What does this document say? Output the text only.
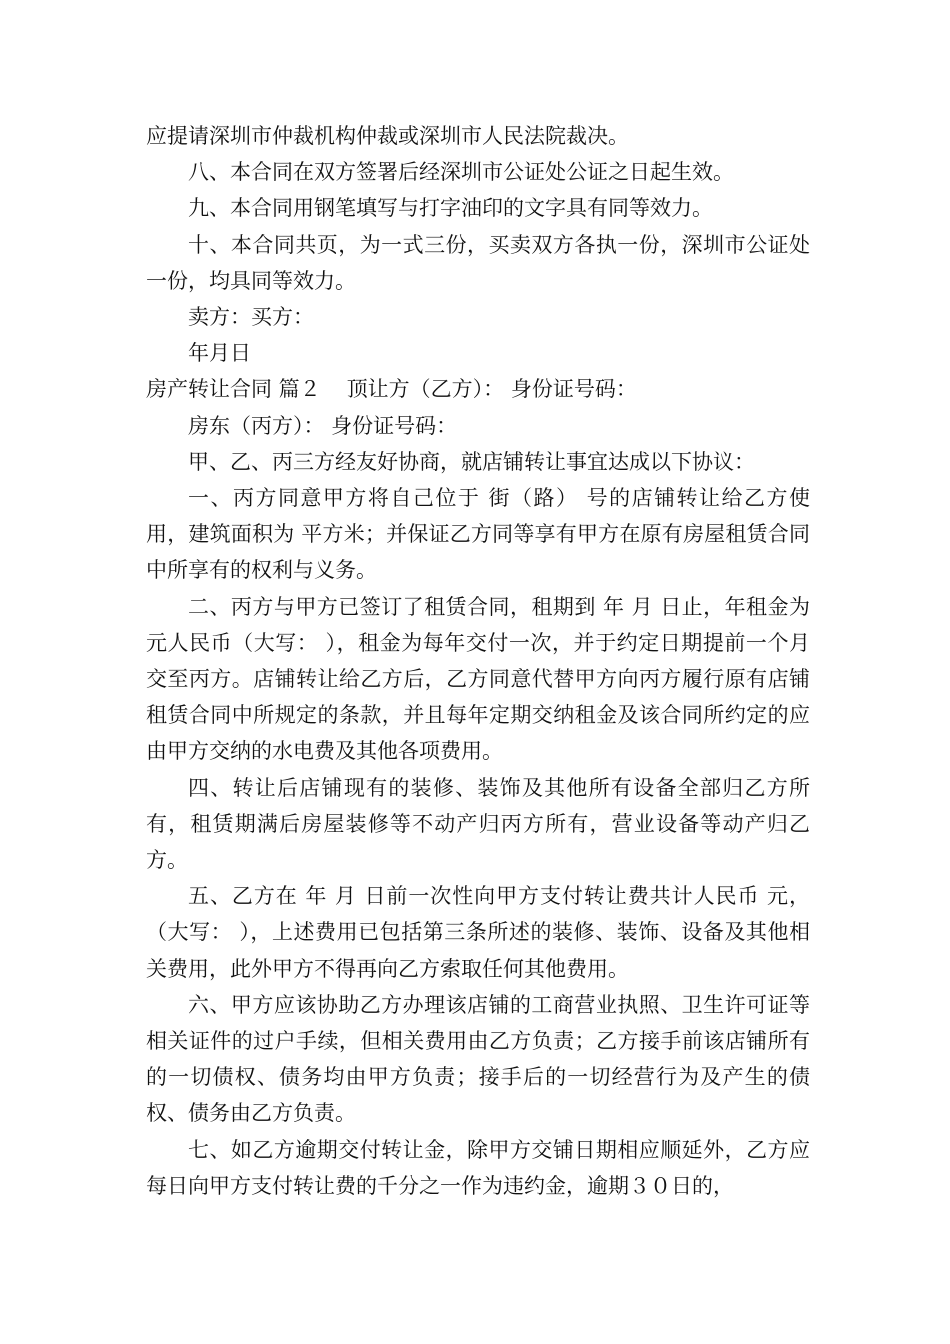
应提请深圳市仲裁机构仲裁或深圳市人民法院裁决。

八、本合同在双方签署后经深圳市公证处公证之日起生效。

九、本合同用钢笔填写与打字油印的文字具有同等效力。

十、本合同共页，为一式三份，买卖双方各执一份，深圳市公证处一份，均具同等效力。

卖方：买方：

年月日

房产转让合同 篇２ 顶让方（乙方）： 身份证号码：

房东（丙方）： 身份证号码：

甲、乙、丙三方经友好协商，就店铺转让事宜达成以下协议：

一、丙方同意甲方将自己位于 街（路） 号的店铺转让给乙方使用，建筑面积为 平方米；并保证乙方同等享有甲方在原有房屋租赁合同中所享有的权利与义务。

二、丙方与甲方已签订了租赁合同，租期到 年 月 日止，年租金为 元人民币（大写： ），租金为每年交付一次，并于约定日期提前一个月交至丙方。店铺转让给乙方后，乙方同意代替甲方向丙方履行原有店铺租赁合同中所规定的条款，并且每年定期交纳租金及该合同所约定的应由甲方交纳的水电费及其他各项费用。

四、转让后店铺现有的装修、装饰及其他所有设备全部归乙方所有，租赁期满后房屋装修等不动产归丙方所有，营业设备等动产归乙方。

五、乙方在 年 月 日前一次性向甲方支付转让费共计人民币 元，（大写： ），上述费用已包括第三条所述的装修、装饰、设备及其他相关费用，此外甲方不得再向乙方索取任何其他费用。

六、甲方应该协助乙方办理该店铺的工商营业执照、卫生许可证等相关证件的过户手续，但相关费用由乙方负责；乙方接手前该店铺所有的一切债权、债务均由甲方负责；接手后的一切经营行为及产生的债权、债务由乙方负责。

七、如乙方逾期交付转让金，除甲方交铺日期相应顺延外，乙方应每日向甲方支付转让费的千分之一作为违约金，逾期３０日的，
